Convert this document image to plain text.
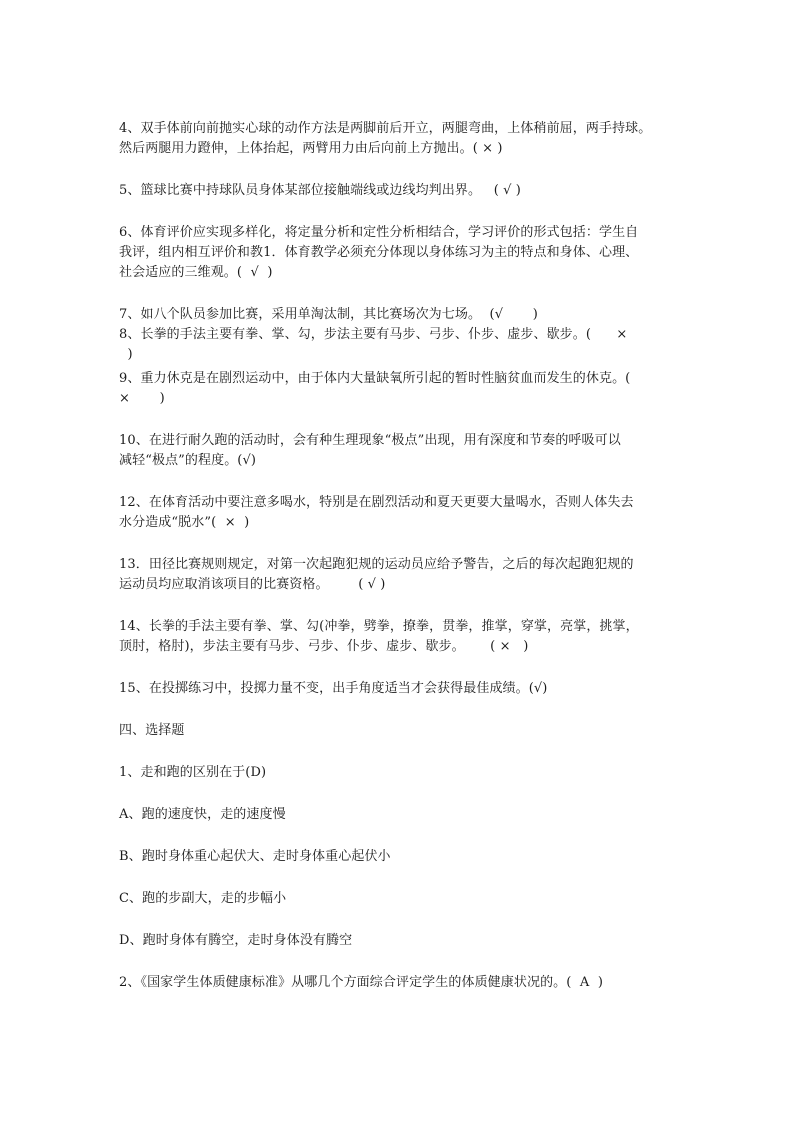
4、双手体前向前抛实心球的动作方法是两脚前后开立，两腿弯曲，上体稍前屈，两手持球。
然后两腿用力蹬伸，上体抬起，两臂用力由后向前上方抛出。( × )
5、篮球比赛中持球队员身体某部位接触端线或边线均判出界。   ( √ )
6、体育评价应实现多样化，将定量分析和定性分析相结合，学习评价的形式包括：学生自
我评，组内相互评价和教1．体育教学必须充分体现以身体练习为主的特点和身体、心理、
社会适应的三维观。(  √  )
7、如八个队员参加比赛，采用单淘汰制，其比赛场次为七场。  (√       )
8、长拳的手法主要有拳、掌、勾，步法主要有马步、弓步、仆步、虚步、歇步。(      ×
)
9、重力休克是在剧烈运动中，由于体内大量缺氧所引起的暂时性脑贫血而发生的休克。(
×       )
10、在进行耐久跑的活动时，会有种生理现象“极点”出现，用有深度和节奏的呼吸可以
减轻“极点”的程度。(√)
12、在体育活动中要注意多喝水，特别是在剧烈活动和夏天更要大量喝水，否则人体失去
水分造成“脱水”(  ×  )
13．田径比赛规则规定，对第一次起跑犯规的运动员应给予警告，之后的每次起跑犯规的
运动员均应取消该项目的比赛资格。       ( √ )
14、长拳的手法主要有拳、掌、勾(冲拳，劈拳，撩拳，贯拳，推掌，穿掌，亮掌，挑掌，
顶肘，格肘)，步法主要有马步、弓步、仆步、虚步、歇步。      ( ×   )
15、在投掷练习中，投掷力量不变，出手角度适当才会获得最佳成绩。(√)
四、选择题
1、走和跑的区别在于(D)
A、跑的速度快，走的速度慢
B、跑时身体重心起伏大、走时身体重心起伏小
C、跑的步副大，走的步幅小
D、跑时身体有腾空，走时身体没有腾空
2、《国家学生体质健康标准》从哪几个方面综合评定学生的体质健康状况的。(  A  )
